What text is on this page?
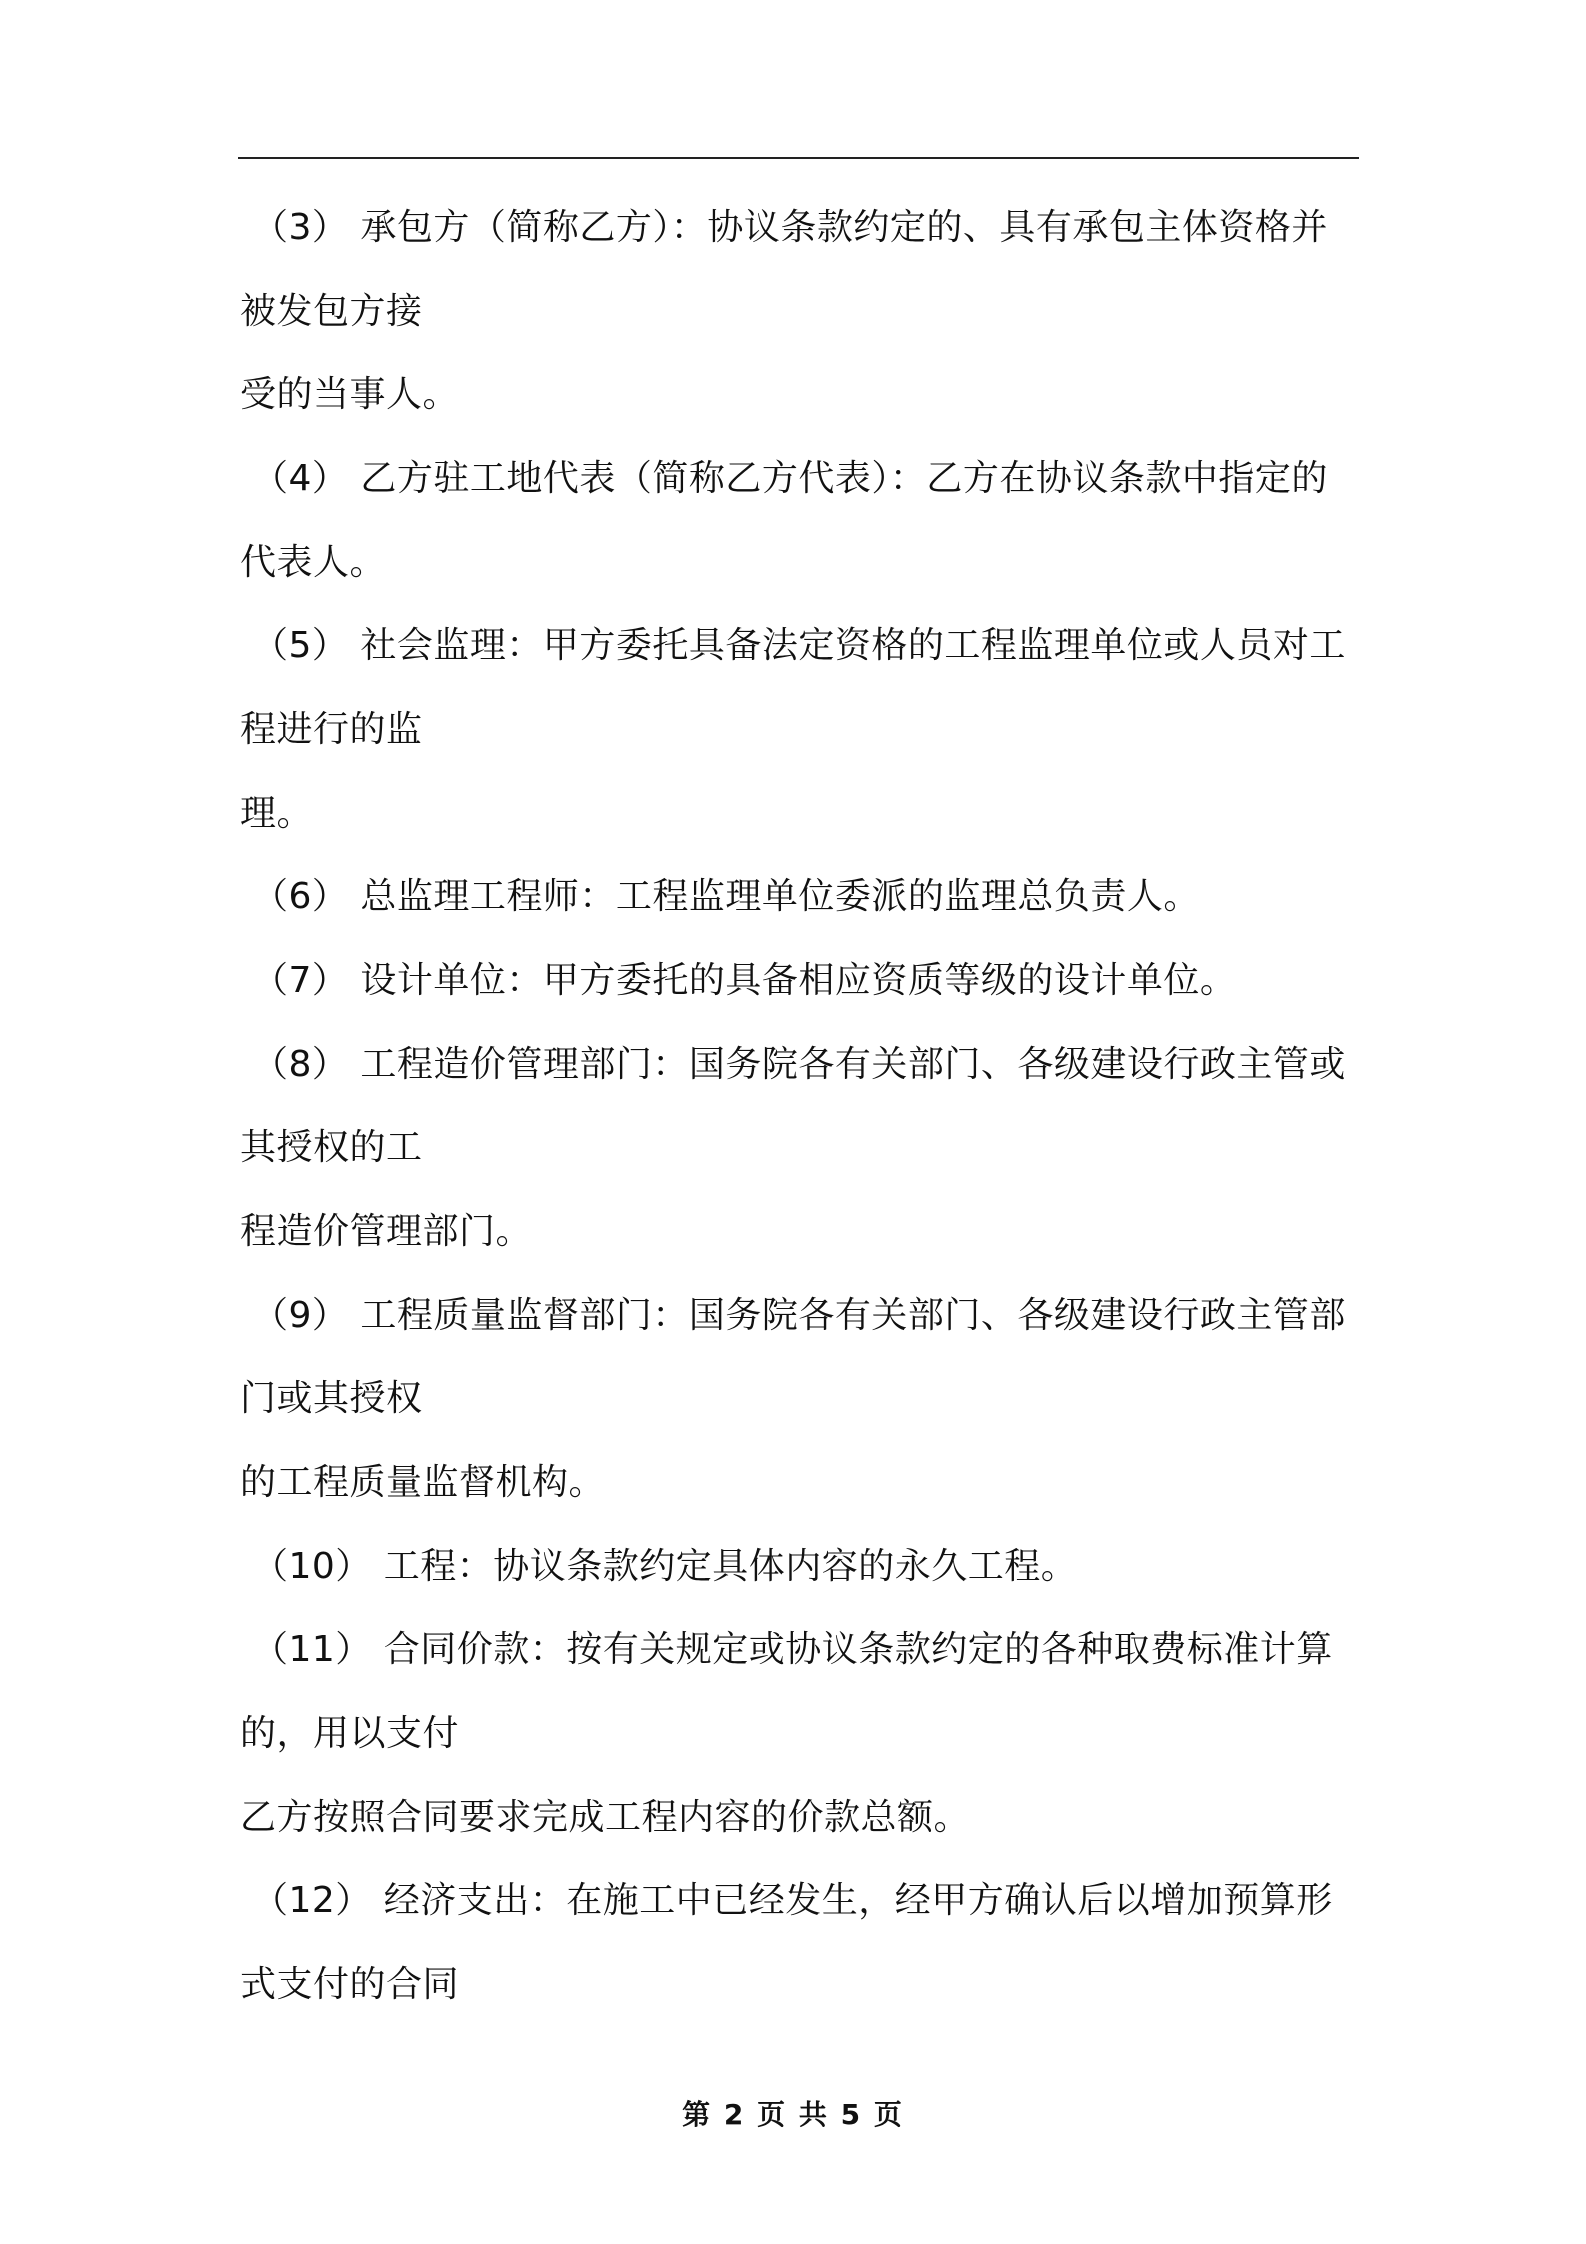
（3） 承包方（简称乙方）：协议条款约定的、具有承包主体资格并
被发包方接
受的当事人。
（4） 乙方驻工地代表（简称乙方代表）：乙方在协议条款中指定的
代表人。
（5） 社会监理：甲方委托具备法定资格的工程监理单位或人员对工
程进行的监
理。
（6） 总监理工程师：工程监理单位委派的监理总负责人。
（7） 设计单位：甲方委托的具备相应资质等级的设计单位。
（8） 工程造价管理部门：国务院各有关部门、各级建设行政主管或
其授权的工
程造价管理部门。
（9） 工程质量监督部门：国务院各有关部门、各级建设行政主管部
门或其授权
的工程质量监督机构。
（10） 工程：协议条款约定具体内容的永久工程。
（11） 合同价款：按有关规定或协议条款约定的各种取费标准计算
的，用以支付
乙方按照合同要求完成工程内容的价款总额。
（12） 经济支出：在施工中已经发生，经甲方确认后以增加预算形
式支付的合同
第 2 页 共 5 页
